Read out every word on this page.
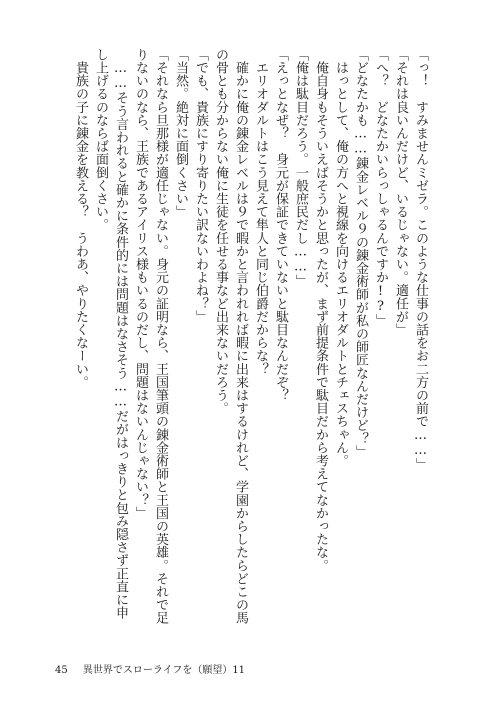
「っ！　すみませんミゼラ。このような仕事の話をお二方の前で……」

「それは良いんだけど、いるじゃない。適任が」

「へ？　どなたかいらっしゃるんですか!?」

「どなたかも……錬金レベル９の錬金術師が私の師匠なんだけど？」

　はっとして、俺の方へと視線を向けるエリオダルトとチェスちゃん。

　俺自身もそういえばそうかと思ったが、まず前提条件で駄目だから考えてなかったな。

「俺は駄目だろう。一般庶民だし……」

「えっとなぜ？　身元が保証できていないと駄目なんだぞ？

　エリオダルトはこう見えて隼人と同じ伯爵だからな？

　確かに俺の錬金レベルは９で暇かと言われれば暇に出来はするけれど、学園からしたらどこの馬

の骨とも分からない俺に生徒を任せる事など出来ないだろう。

「でも、貴族にすり寄りたい訳ないわよね？」

「当然。絶対に面倒くさい」

「それなら旦那様が適任じゃない。身元の証明なら、王国筆頭の錬金術師と王国の英雄。それで足

りないのなら、王族であるアイリス様もいるのだし、問題はないんじゃない？」

　……そう言われると確かに条件的には問題はなさそう……だがはっきりと包み隠さず正直に申

し上げるのならば面倒くさい。

　貴族の子に錬金を教える？　うわあ、やりたくなーい。

45 異世界でスローライフを（願望）11
